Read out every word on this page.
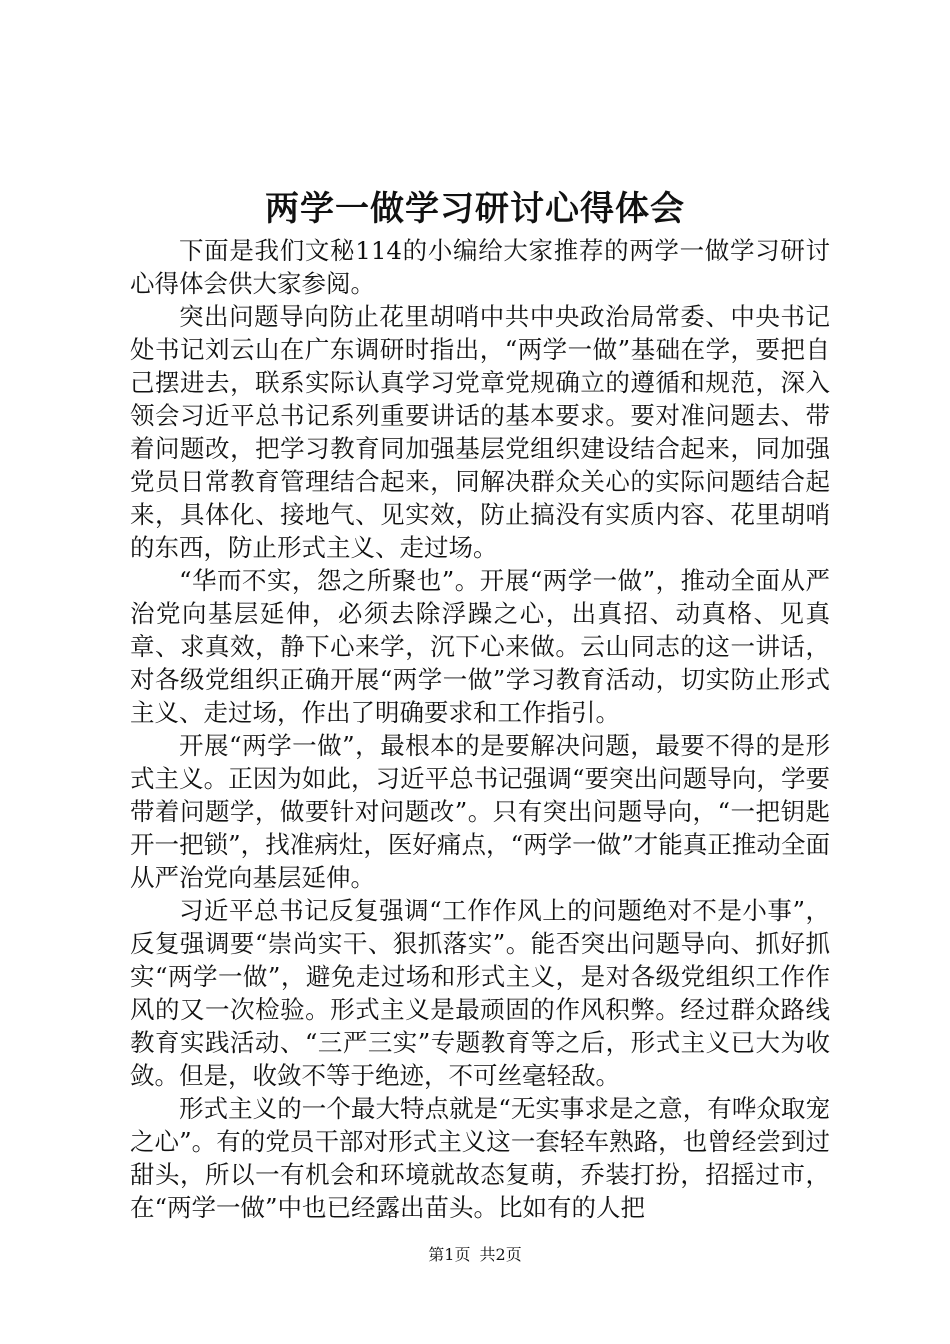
两学一做学习研讨心得体会

下面是我们文秘114的小编给大家推荐的两学一做学习研讨心得体会供大家参阅。

突出问题导向防止花里胡哨中共中央政治局常委、中央书记处书记刘云山在广东调研时指出，“两学一做”基础在学，要把自己摆进去，联系实际认真学习党章党规确立的遵循和规范，深入领会习近平总书记系列重要讲话的基本要求。要对准问题去、带着问题改，把学习教育同加强基层党组织建设结合起来，同加强党员日常教育管理结合起来，同解决群众关心的实际问题结合起来，具体化、接地气、见实效，防止搞没有实质内容、花里胡哨的东西，防止形式主义、走过场。

“华而不实，怨之所聚也”。开展“两学一做”，推动全面从严治党向基层延伸，必须去除浮躁之心，出真招、动真格、见真章、求真效，静下心来学，沉下心来做。云山同志的这一讲话，对各级党组织正确开展“两学一做”学习教育活动，切实防止形式主义、走过场，作出了明确要求和工作指引。

开展“两学一做”，最根本的是要解决问题，最要不得的是形式主义。正因为如此，习近平总书记强调“要突出问题导向，学要带着问题学，做要针对问题改”。只有突出问题导向，“一把钥匙开一把锁”，找准病灶，医好痛点，“两学一做”才能真正推动全面从严治党向基层延伸。

习近平总书记反复强调“工作作风上的问题绝对不是小事”，反复强调要“崇尚实干、狠抓落实”。能否突出问题导向、抓好抓实“两学一做”，避免走过场和形式主义，是对各级党组织工作作风的又一次检验。形式主义是最顽固的作风积弊。经过群众路线教育实践活动、“三严三实”专题教育等之后，形式主义已大为收敛。但是，收敛不等于绝迹，不可丝毫轻敌。

形式主义的一个最大特点就是“无实事求是之意，有哗众取宠之心”。有的党员干部对形式主义这一套轻车熟路，也曾经尝到过甜头，所以一有机会和环境就故态复萌，乔装打扮，招摇过市，在“两学一做”中也已经露出苗头。比如有的人把

第1页 共2页
